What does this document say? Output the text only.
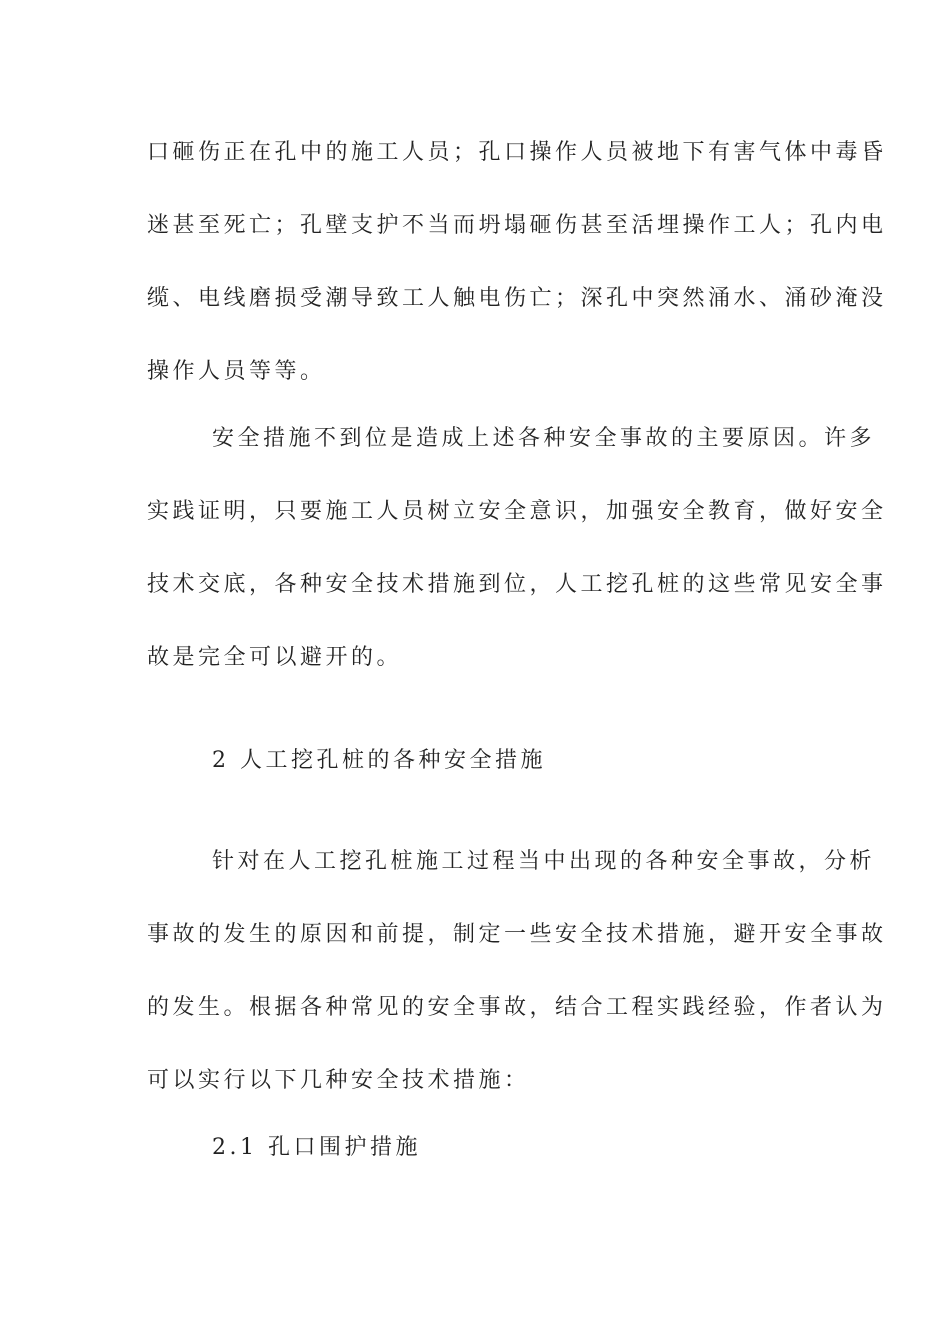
口砸伤正在孔中的施工人员；孔口操作人员被地下有害气体中毒昏
迷甚至死亡；孔壁支护不当而坍塌砸伤甚至活埋操作工人；孔内电
缆、电线磨损受潮导致工人触电伤亡；深孔中突然涌水、涌砂淹没
操作人员等等。
安全措施不到位是造成上述各种安全事故的主要原因。许多
实践证明，只要施工人员树立安全意识，加强安全教育，做好安全
技术交底，各种安全技术措施到位，人工挖孔桩的这些常见安全事
故是完全可以避开的。
2 人工挖孔桩的各种安全措施
针对在人工挖孔桩施工过程当中出现的各种安全事故，分析
事故的发生的原因和前提，制定一些安全技术措施，避开安全事故
的发生。根据各种常见的安全事故，结合工程实践经验，作者认为
可以实行以下几种安全技术措施：
2.1 孔口围护措施
